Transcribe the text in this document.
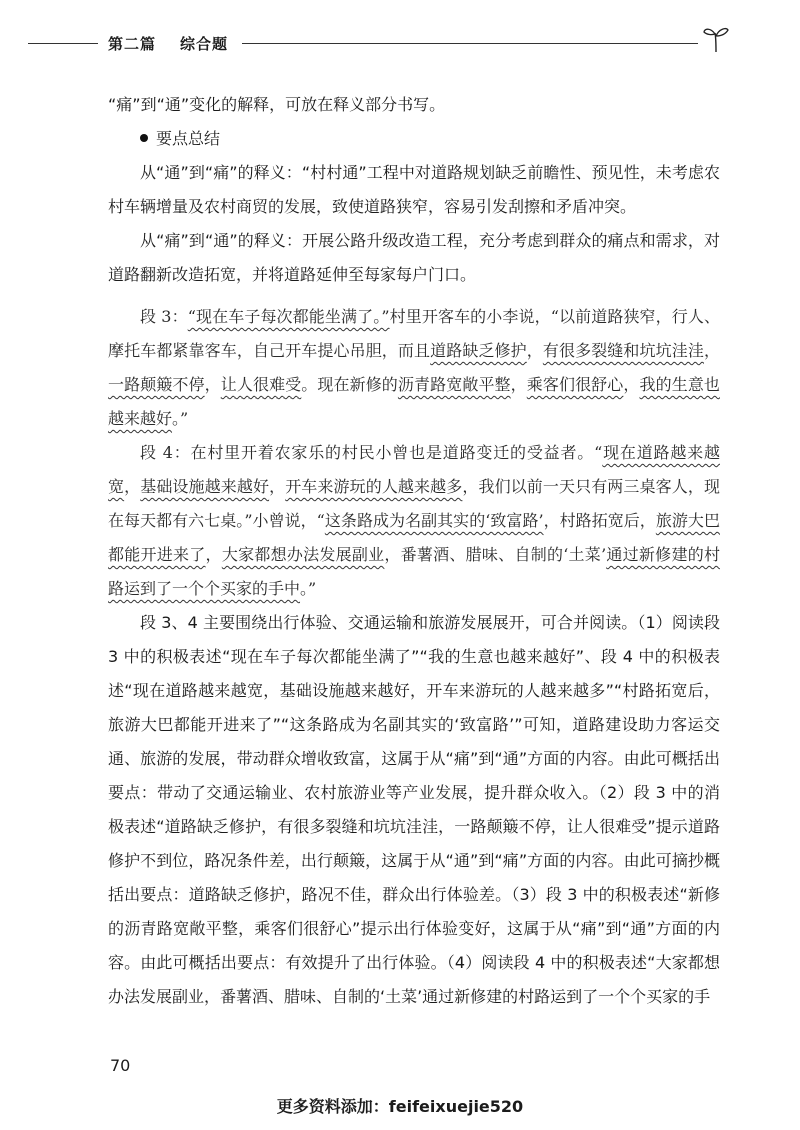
第二篇 综合题

“痛”到“通”变化的解释，可放在释义部分书写。

要点总结

从“通”到“痛”的释义：“村村通”工程中对道路规划缺乏前瞻性、预见性，未考虑农村车辆增量及农村商贸的发展，致使道路狭窄，容易引发刮擦和矛盾冲突。

从“痛”到“通”的释义：开展公路升级改造工程，充分考虑到群众的痛点和需求，对道路翻新改造拓宽，并将道路延伸至每家每户门口。

段 3：“现在车子每次都能坐满了。”村里开客车的小李说，“以前道路狭窄，行人、摩托车都紧靠客车，自己开车提心吊胆，而且道路缺乏修护，有很多裂缝和坑坑洼洼，一路颠簸不停，让人很难受。现在新修的沥青路宽敞平整，乘客们很舒心，我的生意也越来越好。”

段 4：在村里开着农家乐的村民小曾也是道路变迁的受益者。“现在道路越来越宽，基础设施越来越好，开车来游玩的人越来越多，我们以前一天只有两三桌客人，现在每天都有六七桌。”小曾说，“这条路成为名副其实的‘致富路’，村路拓宽后，旅游大巴都能开进来了，大家都想办法发展副业，番薯酒、腊味、自制的‘土菜’通过新修建的村路运到了一个个买家的手中。”

段 3、4 主要围绕出行体验、交通运输和旅游发展展开，可合并阅读。（1）阅读段 3 中的积极表述“现在车子每次都能坐满了”“我的生意也越来越好”、段 4 中的积极表述“现在道路越来越宽，基础设施越来越好，开车来游玩的人越来越多”“村路拓宽后，旅游大巴都能开进来了”“这条路成为名副其实的‘致富路’”可知，道路建设助力客运交通、旅游的发展，带动群众增收致富，这属于从“痛”到“通”方面的内容。由此可概括出要点：带动了交通运输业、农村旅游业等产业发展，提升群众收入。（2）段 3 中的消极表述“道路缺乏修护，有很多裂缝和坑坑洼洼，一路颠簸不停，让人很难受”提示道路修护不到位，路况条件差，出行颠簸，这属于从“通”到“痛”方面的内容。由此可摘抄概括出要点：道路缺乏修护，路况不佳，群众出行体验差。（3）段 3 中的积极表述“新修的沥青路宽敞平整，乘客们很舒心”提示出行体验变好，这属于从“痛”到“通”方面的内容。由此可概括出要点：有效提升了出行体验。（4）阅读段 4 中的积极表述“大家都想办法发展副业，番薯酒、腊味、自制的‘土菜’通过新修建的村路运到了一个个买家的手

70
更多资料添加：feifeixuejie520
